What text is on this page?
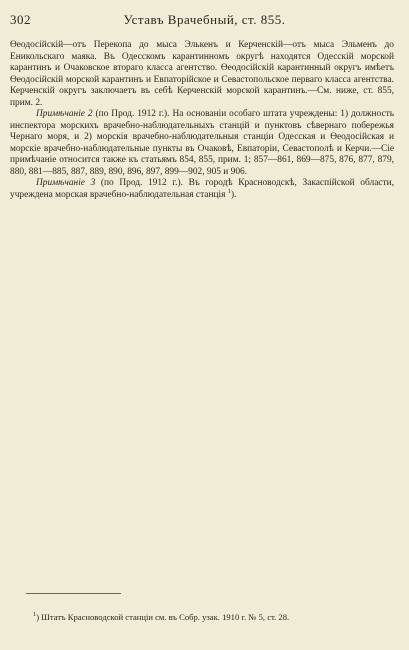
302	Уставъ Врачебный, ст. 855.

Өеодосійскій—отъ Перекопа до мыса Элькенъ и Керченскій—отъ мыса Эльменъ до Еникольскаго маяка. Въ Одесскомъ карантинномъ округѣ находятся Одесскій морской карантинъ и Очаковское втораго класса агентство. Өеодосійскій карантинный округъ имѣетъ Өеодосійскій морской карантинъ и Евпаторійское и Севастопольское перваго класса агентства. Керченскій округъ заключаетъ въ себѣ Керченскій морской карантинъ.—См. ниже, ст. 855, прим. 2.

Примѣчаніе 2 (по Прод. 1912 г.). На основаніи особаго штата учреждены: 1) должность инспектора морскихъ врачебно-наблюдательныхъ станцій и пунктовъ сѣвернаго побережья Чернаго моря, и 2) морскія врачебно-наблюдательныя станціи Одесская и Өеодосійская и морскіе врачебно-наблюдательные пункты въ Очаковѣ, Евпаторіи, Севастополѣ и Керчи.—Сіе примѣчаніе относится также къ статьямъ 854, 855, прим. 1; 857—861, 869—875, 876, 877, 879, 880, 881—885, 887, 889, 890, 896, 897, 899—902, 905 и 906.

Примѣчаніе 3 (по Прод. 1912 г.). Въ городѣ Красноводскѣ, Закаспійской области, учреждена морская врачебно-наблюдательная станція $^1$).

$^1$) Штатъ Красноводской станціи см. въ Собр. узак. 1910 г. № 5, ст. 28.
